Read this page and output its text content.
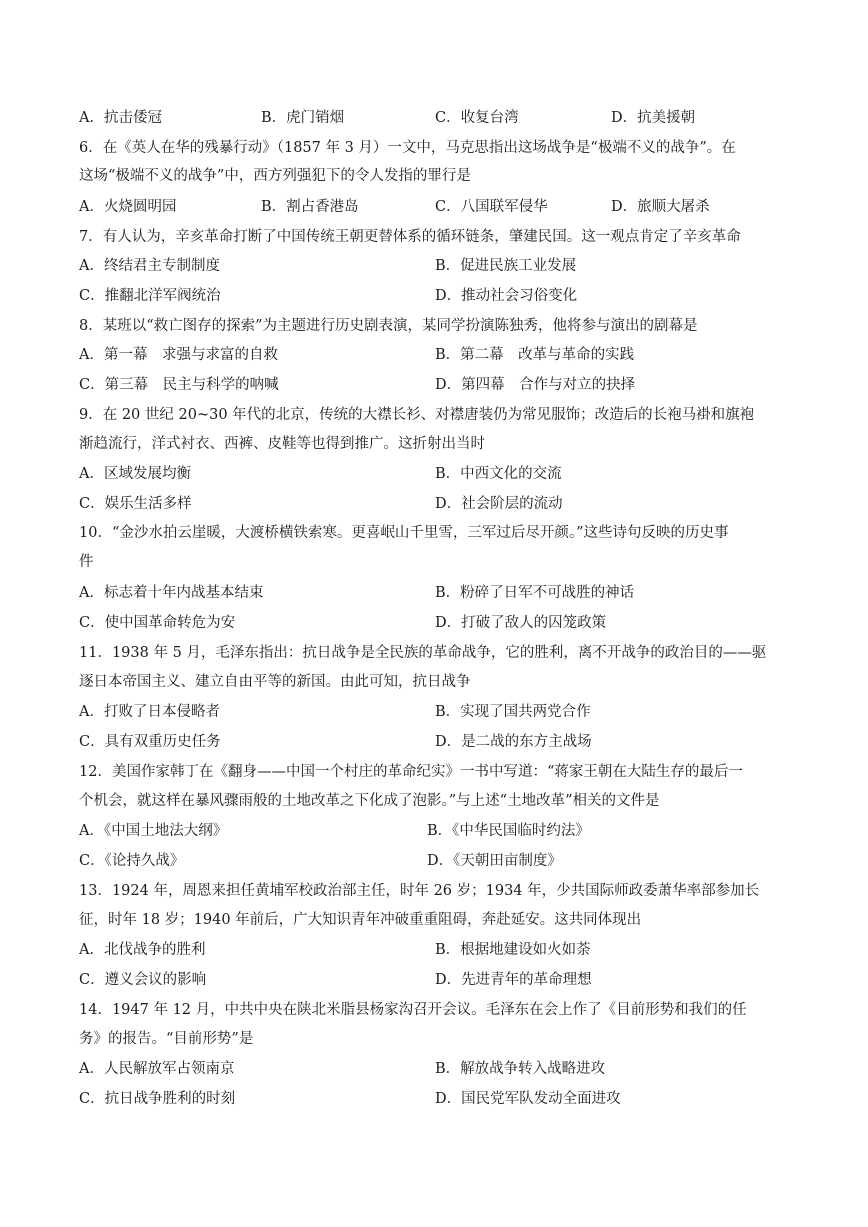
A．抗击倭冠	B．虎门销烟	C．收复台湾	D．抗美援朝
6．在《英人在华的残暴行动》（1857 年 3 月）一文中，马克思指出这场战争是“极端不义的战争”。在
这场“极端不义的战争”中，西方列强犯下的令人发指的罪行是
A．火烧圆明园	B．割占香港岛	C．八国联军侵华	D．旅顺大屠杀
7．有人认为，辛亥革命打断了中国传统王朝更替体系的循环链条，肇建民国。这一观点肯定了辛亥革命
A．终结君主专制制度	B．促进民族工业发展
C．推翻北洋军阀统治	D．推动社会习俗变化
8．某班以“救亡图存的探索”为主题进行历史剧表演，某同学扮演陈独秀，他将参与演出的剧幕是
A．第一幕　求强与求富的自救	B．第二幕　改革与革命的实践
C．第三幕　民主与科学的呐喊	D．第四幕　合作与对立的抉择
9．在 20 世纪 20~30 年代的北京，传统的大襟长衫、对襟唐装仍为常见服饰；改造后的长袍马褂和旗袍
渐趋流行，洋式衬衣、西裤、皮鞋等也得到推广。这折射出当时
A．区域发展均衡	B．中西文化的交流
C．娱乐生活多样	D．社会阶层的流动
10．“金沙水拍云崖暖，大渡桥横铁索寒。更喜岷山千里雪，三军过后尽开颜。”这些诗句反映的历史事
件
A．标志着十年内战基本结束	B．粉碎了日军不可战胜的神话
C．使中国革命转危为安	D．打破了敌人的囚笼政策
11．1938 年 5 月，毛泽东指出：抗日战争是全民族的革命战争，它的胜利，离不开战争的政治目的——驱
逐日本帝国主义、建立自由平等的新国。由此可知，抗日战争
A．打败了日本侵略者	B．实现了国共两党合作
C．具有双重历史任务	D．是二战的东方主战场
12．美国作家韩丁在《翻身——中国一个村庄的革命纪实》一书中写道：“蒋家王朝在大陆生存的最后一
个机会，就这样在暴风骤雨般的土地改革之下化成了泡影。”与上述“土地改革”相关的文件是
A．《中国土地法大纲》	B．《中华民国临时约法》
C．《论持久战》	D．《天朝田亩制度》
13．1924 年，周恩来担任黄埔军校政治部主任，时年 26 岁；1934 年，少共国际师政委萧华率部参加长
征，时年 18 岁；1940 年前后，广大知识青年冲破重重阻碍，奔赴延安。这共同体现出
A．北伐战争的胜利	B．根据地建设如火如荼
C．遵义会议的影响	D．先进青年的革命理想
14．1947 年 12 月，中共中央在陕北米脂县杨家沟召开会议。毛泽东在会上作了《目前形势和我们的任
务》的报告。“目前形势”是
A．人民解放军占领南京	B．解放战争转入战略进攻
C．抗日战争胜利的时刻	D．国民党军队发动全面进攻
